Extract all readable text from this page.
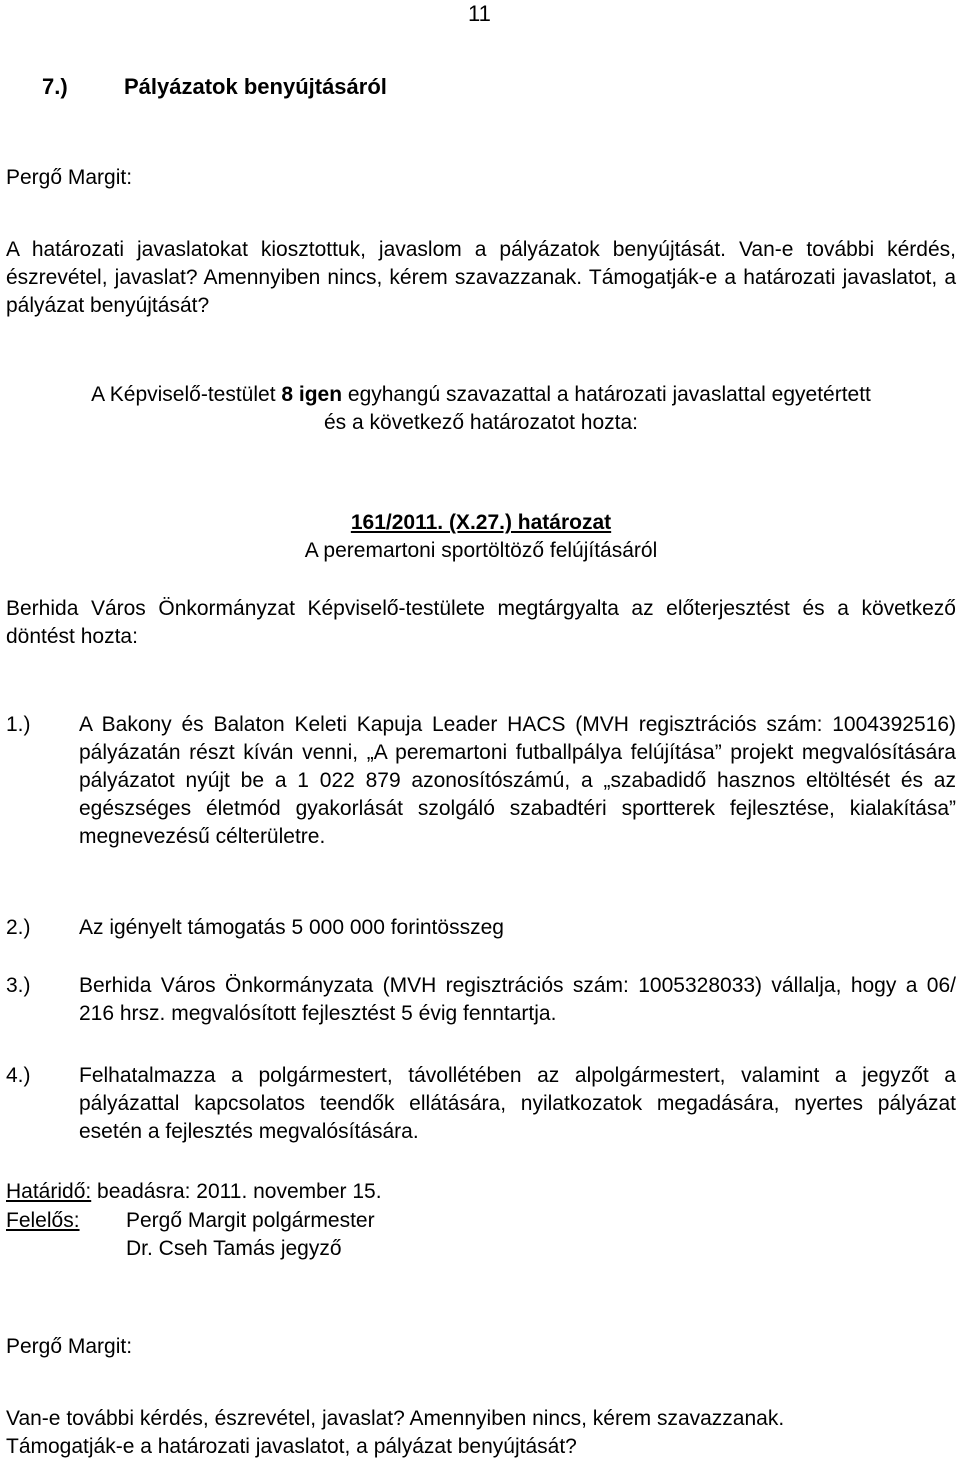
11
7.)	Pályázatok benyújtásáról
Pergő Margit:
A határozati javaslatokat kiosztottuk, javaslom a pályázatok benyújtását. Van-e további kérdés, észrevétel, javaslat? Amennyiben nincs, kérem szavazzanak. Támogatják-e a határozati javaslatot, a pályázat benyújtását?
A Képviselő-testület 8 igen egyhangú szavazattal a határozati javaslattal egyetértett
és a következő határozatot hozta:
161/2011. (X.27.) határozat
A peremartoni sportöltöző felújításáról
Berhida Város Önkormányzat Képviselő-testülete megtárgyalta az előterjesztést és a következő döntést hozta:
1.) A Bakony és Balaton Keleti Kapuja Leader HACS (MVH regisztrációs szám: 1004392516) pályázatán részt kíván venni, „A peremartoni futballpálya felújítása” projekt megvalósítására pályázatot nyújt be a 1 022 879 azonosítószámú, a „szabadidő hasznos eltöltését és az egészséges életmód gyakorlását szolgáló szabadtéri sportterek fejlesztése, kialakítása” megnevezésű célterületre.
2.) Az igényelt támogatás 5 000 000 forintösszeg
3.) Berhida Város Önkormányzata (MVH regisztrációs szám: 1005328033) vállalja, hogy a 06/ 216 hrsz. megvalósított fejlesztést 5 évig fenntartja.
4.) Felhatalmazza a polgármestert, távollétében az alpolgármestert, valamint a jegyzőt a pályázattal kapcsolatos teendők ellátására, nyilatkozatok megadására, nyertes pályázat esetén a fejlesztés megvalósítására.
Határidő: beadásra: 2011. november 15.
Felelős: Pergő Margit polgármester
Dr. Cseh Tamás jegyző
Pergő Margit:
Van-e további kérdés, észrevétel, javaslat? Amennyiben nincs, kérem szavazzanak.
Támogatják-e a határozati javaslatot, a pályázat benyújtását?
